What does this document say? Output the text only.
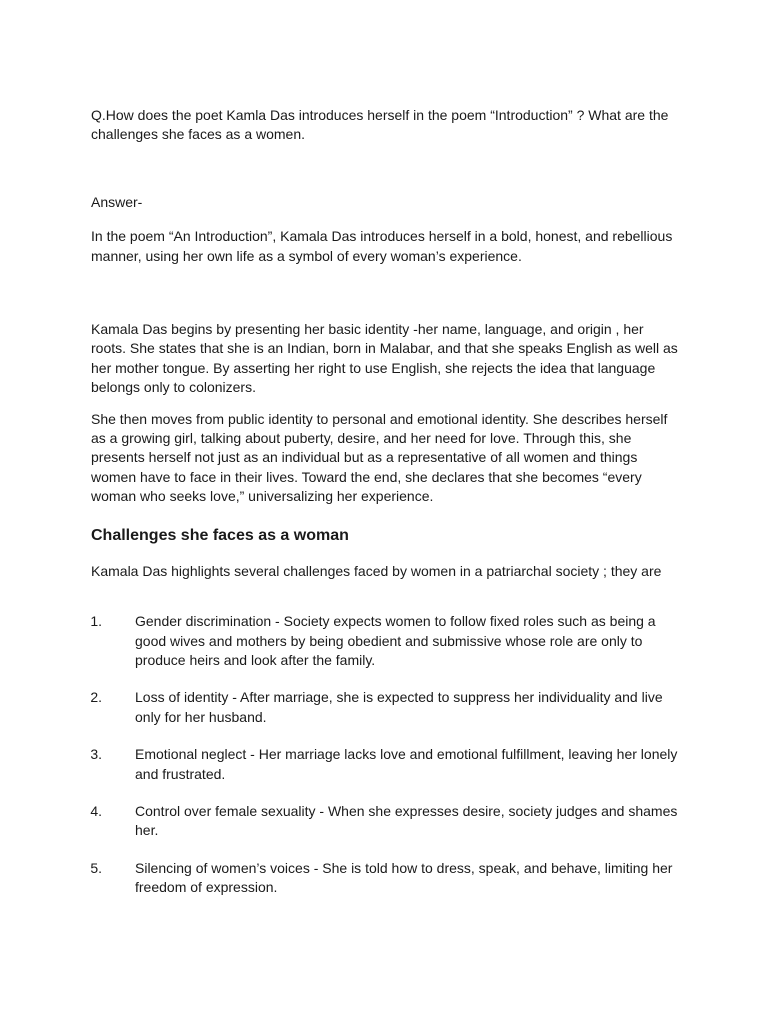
Q.How does the poet Kamla Das introduces herself in the poem “Introduction” ? What are the challenges she faces as a women.

Answer-

In the poem “An Introduction”, Kamala Das introduces herself in a bold, honest, and rebellious manner, using her own life as a symbol of every woman’s experience.

Kamala Das begins by presenting her basic identity -her name, language, and origin , her roots. She states that she is an Indian, born in Malabar, and that she speaks English as well as her mother tongue. By asserting her right to use English, she rejects the idea that language belongs only to colonizers.

She then moves from public identity to personal and emotional identity. She describes herself as a growing girl, talking about puberty, desire, and her need for love. Through this, she presents herself not just as an individual but as a representative of all women and things women have to face in their lives. Toward the end, she declares that she becomes “every woman who seeks love,” universalizing her experience.

Challenges she faces as a woman

Kamala Das highlights several challenges faced by women in a patriarchal society ; they are

1.	Gender discrimination - Society expects women to follow fixed roles such as being a good wives and mothers by being obedient and submissive whose role are only to produce heirs and look after the family.
2.	Loss of identity - After marriage, she is expected to suppress her individuality and live only for her husband.
3.	Emotional neglect - Her marriage lacks love and emotional fulfillment, leaving her lonely and frustrated.
4.	Control over female sexuality - When she expresses desire, society judges and shames her.
5.	Silencing of women’s voices - She is told how to dress, speak, and behave, limiting her freedom of expression.
